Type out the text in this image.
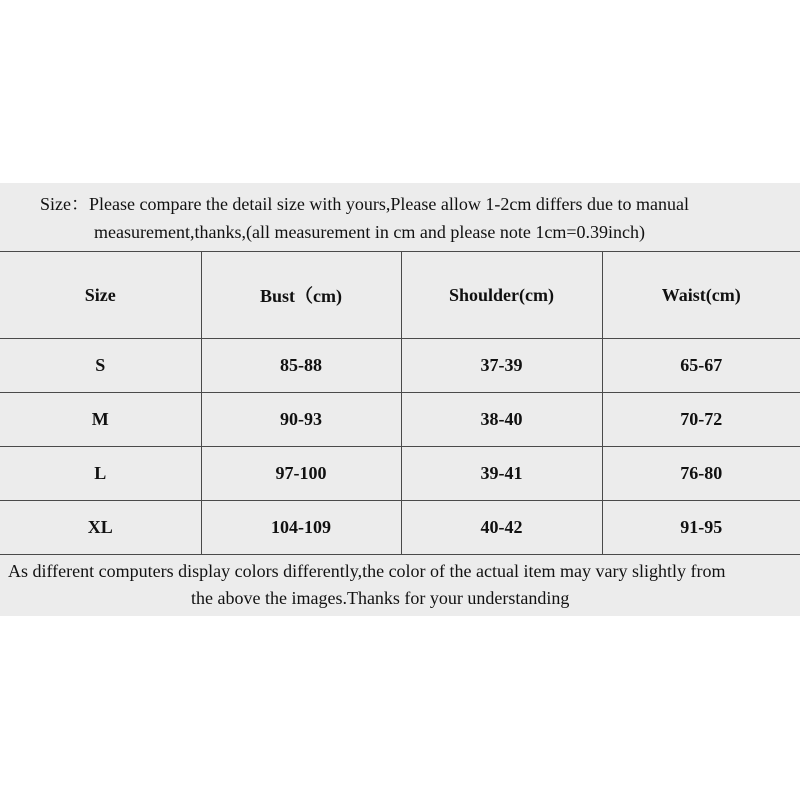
Size：Please compare the detail size with yours,Please allow 1-2cm differs due to manual
measurement,thanks,(all measurement in cm and please note 1cm=0.39inch)
Size	Bust（cm)	Shoulder(cm)	Waist(cm)
S	85-88	37-39	65-67
M	90-93	38-40	70-72
L	97-100	39-41	76-80
XL	104-109	40-42	91-95
As different computers display colors differently,the color of the actual item may vary slightly from
the above the images.Thanks for your understanding
